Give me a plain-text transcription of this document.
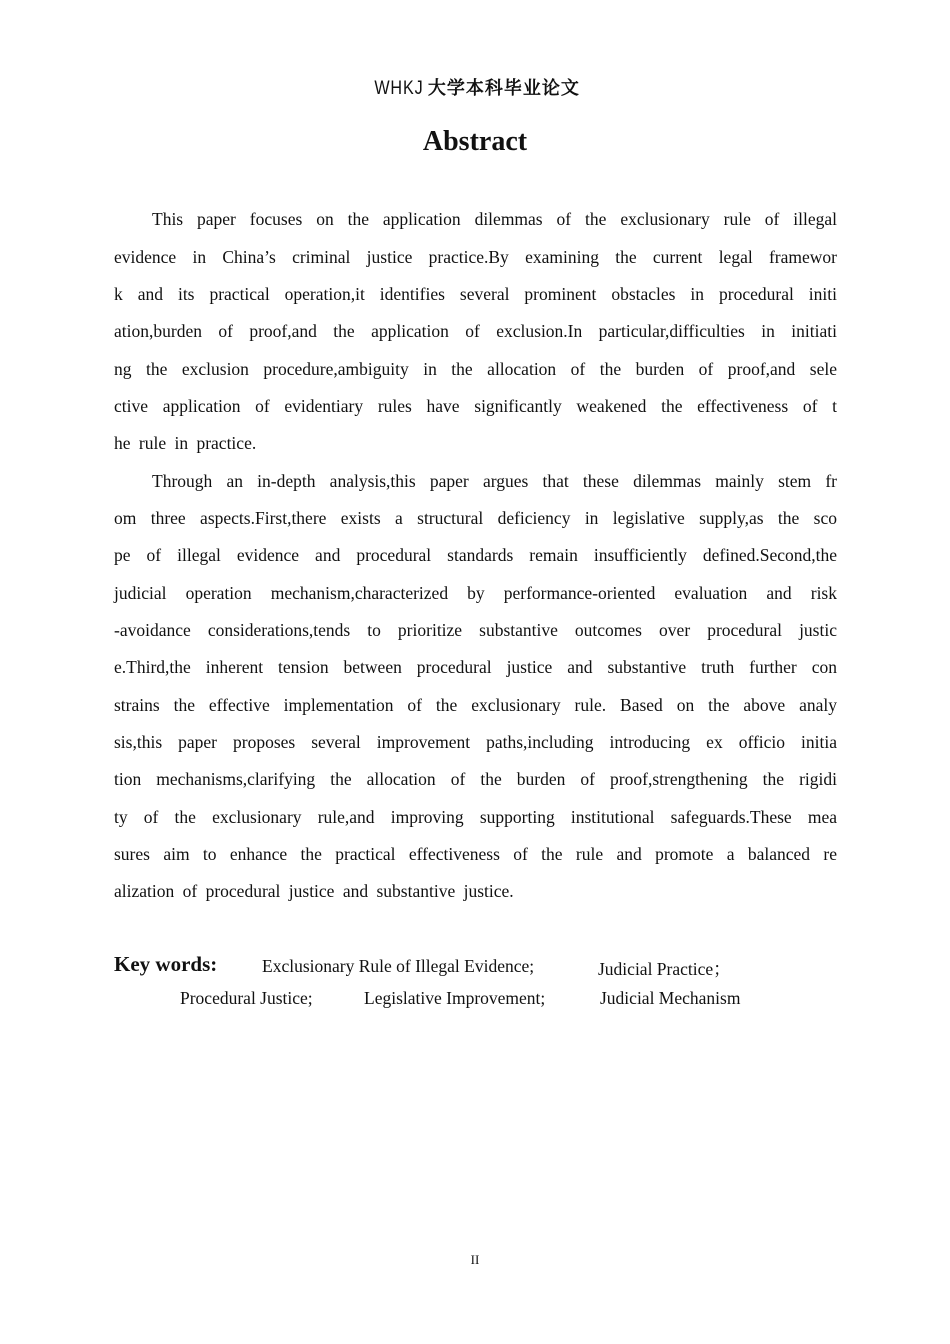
WHKJ 大学本科毕业论文
Abstract
This paper focuses on the application dilemmas of the exclusionary rule of illegal
evidence in China’s criminal justice practice.By examining the current legal framewor
k and its practical operation,it identifies several prominent obstacles in procedural initi
ation,burden of proof,and the application of exclusion.In particular,difficulties in initiati
ng the exclusion procedure,ambiguity in the allocation of the burden of proof,and sele
ctive application of evidentiary rules have significantly weakened the effectiveness of t
he rule in practice.
Through an in-depth analysis,this paper argues that these dilemmas mainly stem fr
om three aspects.First,there exists a structural deficiency in legislative supply,as the sco
pe of illegal evidence and procedural standards remain insufficiently defined.Second,the
judicial operation mechanism,characterized by performance-oriented evaluation and risk
-avoidance considerations,tends to prioritize substantive outcomes over procedural justic
e.Third,the inherent tension between procedural justice and substantive truth further con
strains the effective implementation of the exclusionary rule. Based on the above analy
sis,this paper proposes several improvement paths,including introducing ex officio initia
tion mechanisms,clarifying the allocation of the burden of proof,strengthening the rigidi
ty of the exclusionary rule,and improving supporting institutional safeguards.These mea
sures aim to enhance the practical effectiveness of the rule and promote a balanced re
alization of procedural justice and substantive justice.
Key words:	Exclusionary Rule of Illegal Evidence;	Judicial Practice；
Procedural Justice;	Legislative Improvement;	Judicial Mechanism
II
